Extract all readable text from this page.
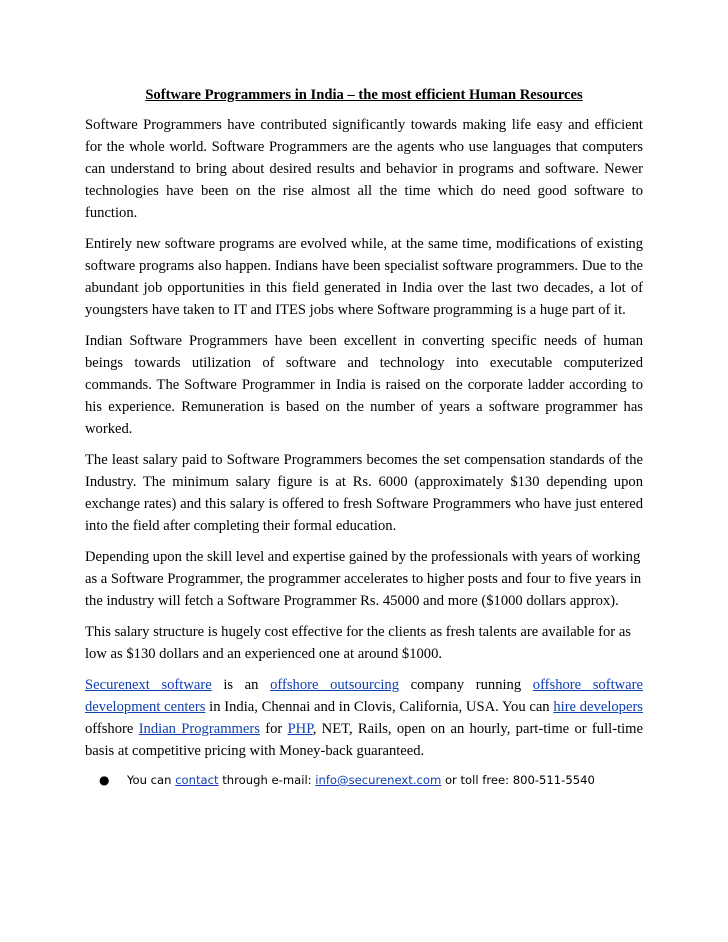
Software Programmers in India – the most efficient Human Resources

Software Programmers have contributed significantly towards making life easy and efficient for the whole world. Software Programmers are the agents who use languages that computers can understand to bring about desired results and behavior in programs and software. Newer technologies have been on the rise almost all the time which do need good software to function.

Entirely new software programs are evolved while, at the same time, modifications of existing software programs also happen. Indians have been specialist software programmers. Due to the abundant job opportunities in this field generated in India over the last two decades, a lot of youngsters have taken to IT and ITES jobs where Software programming is a huge part of it.

Indian Software Programmers have been excellent in converting specific needs of human beings towards utilization of software and technology into executable computerized commands. The Software Programmer in India is raised on the corporate ladder according to his experience. Remuneration is based on the number of years a software programmer has worked.

The least salary paid to Software Programmers becomes the set compensation standards of the Industry. The minimum salary figure is at Rs. 6000 (approximately $130 depending upon exchange rates) and this salary is offered to fresh Software Programmers who have just entered into the field after completing their formal education.

Depending upon the skill level and expertise gained by the professionals with years of working as a Software Programmer, the programmer accelerates to higher posts and four to five years in the industry will fetch a Software Programmer Rs. 45000 and more ($1000 dollars approx).

This salary structure is hugely cost effective for the clients as fresh talents are available for as low as $130 dollars and an experienced one at around $1000.

Securenext software is an offshore outsourcing company running offshore software development centers in India, Chennai and in Clovis, California, USA. You can hire developers offshore Indian Programmers for PHP, NET, Rails, open on an hourly, part-time or full-time basis at competitive pricing with Money-back guaranteed.

● You can contact through e-mail: info@securenext.com or toll free: 800-511-5540
